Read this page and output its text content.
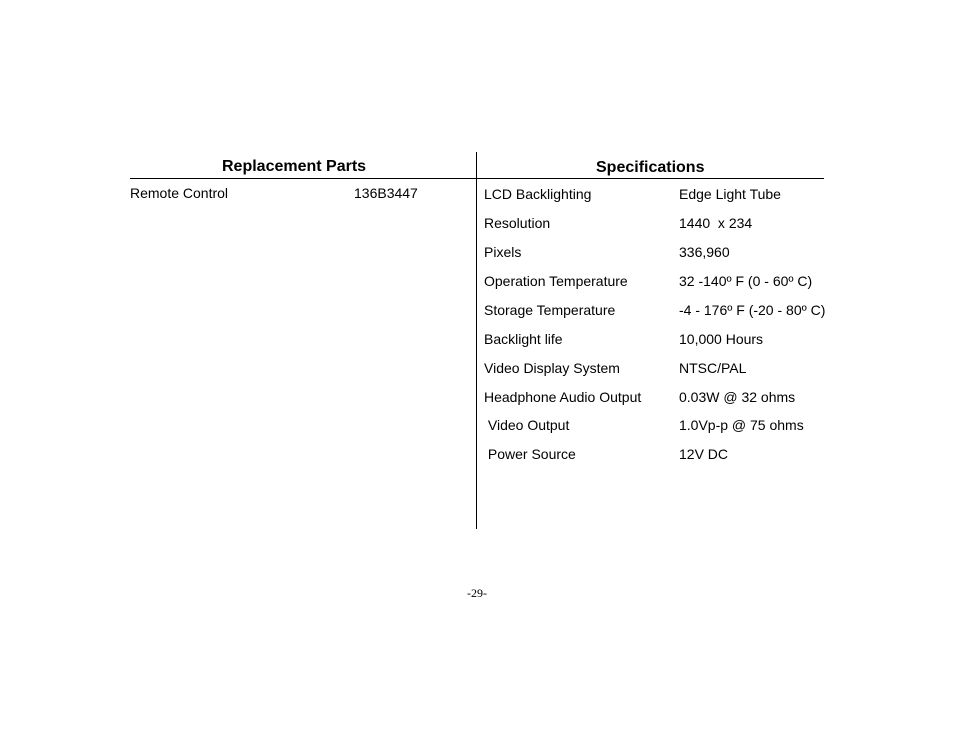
Replacement Parts
Remote Control	136B3447
Specifications
LCD Backlighting	Edge Light Tube
Resolution	1440  x 234
Pixels	336,960
Operation Temperature	32 -140º F (0 - 60º C)
Storage Temperature	-4 - 176º F (-20 - 80º C)
Backlight life	10,000 Hours
Video Display System	NTSC/PAL
Headphone Audio Output	0.03W @ 32 ohms
Video Output	1.0Vp-p @ 75 ohms
Power Source	12V DC
-29-
